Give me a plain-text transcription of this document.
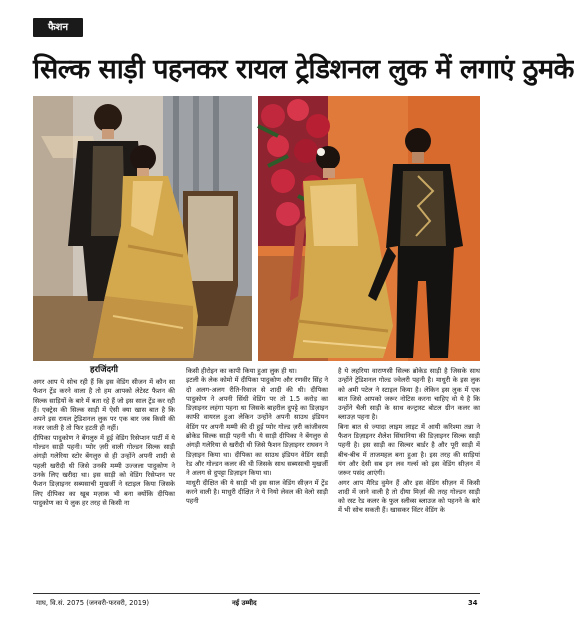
फैशन
सिल्क साड़ी पहनकर रायल ट्रेडिशनल लुक में लगाएं ठुमके
हरजिंदगी

अगर आप ये सोच रही हैं कि इस वेडिंग सीजन में कौन सा फैशन ट्रेंड करने वाला है तो हम आपको लेटेस्ट फैशन की सिल्क साड़ियों के बारे में बता रहे हैं जो इस साल ट्रेंड कर रही हैं। एक्ट्रेस की सिल्क साड़ी में ऐसी क्या खास बात है कि अपने इस रायल ट्रेडिशनल लुक पर एक बार जब किसी की नजर जाती है तो फिर हटती ही नहीं।

दीपिका पादुकोण ने बेंगलुरु में हुई वेडिंग रिसेप्शन पार्टी में ये गोल्डन साड़ी पहनी। प्योर ज़री वाली गोल्डन सिल्क साड़ी अंगड़ी गलेरिया स्टोर बेंगलुरु से ही उन्होंने अपनी शादी से पहली खरीदी थी जिसे उनकी मम्मी उज्जला पादुकोण ने उनके लिए खरीदा था। इस साड़ी को वेडिंग रिसेप्शन पर फैशन डिज़ाइनर सब्यसाची मुखर्जी ने स्टाइल किया जिसके लिए दीपिका का खूब मज़ाक भी बना क्योंकि दीपिका पादुकोण का ये लुक हर तरह से किसी ना

किसी हीरोइन का कापी किया हुआ लुक ही था।

इटली के लेक कोमो में दीपिका पादुकोण और रणवीर सिंह ने दो अलग-अलग रीति-रिवाज से शादी की थी। दीपिका पादुकोण ने अपनी सिंधी वेडिंग पर तो 1.5 करोड़ का डिज़ाइनर लहंगा पहना था जिसके बाहरील दुपट्टे का डिज़ाइन काफी वायरल हुआ लेकिन उन्होंने अपनी साउथ इंडियन वेडिंग पर अपनी मम्मी की दी हुई प्योर गोल्ड ज़री कांजीवरम ब्रोकेड सिल्क साड़ी पहनी थी। ये साड़ी दीपिका ने बेंगलुरु से अंगड़ी गलेरिया से खरीदी थी जिसे फैशन डिज़ाइनर राघवन ने डिज़ाइन किया था। दीपिका का साउथ इंडियन वेडिंग साड़ी रेड और गोल्डन कलर की थी जिसके साथ सब्यसाची मुखर्जी ने अलग से दुपट्टा डिज़ाइन किया था।

माधुरी दीक्षित की ये साड़ी भी इस साल वेडिंग सीज़न में ट्रेंड करने वाली है। माधुरी दीक्षित ने ये नियो लेवल की वेलो साड़ी पहनी

है ये लहरिया वाराणसी सिल्क ब्रोकेड साड़ी है जिसके साथ उन्होंने ट्रेडिशनल गोल्ड ज्वेलरी पहनी है। माधुरी के इस लुक को अमी पटेल ने स्टाइल किया है। लेकिन इस लुक में एक बात जिसे आपको जरूर नोटिस करना चाहिए वो ये है कि उन्होंने चैली साड़ी के साथ कन्ट्रास्ट बोटल ग्रीन कलर का ब्लाउज़ पहना है।

बिना बात से ज्यादा लाइम लाइट में आयी करिश्मा तन्ना ने फैशन डिज़ाइनर शैलेश सिंघानिया की डिज़ाइनर सिल्क साड़ी पहनी है। इस साड़ी का सिल्वर बार्डर है और पूरी साड़ी में बीच-बीच में ताजमहल बना हुआ है। इस तरह की साड़ियां यंग और देसी सब इन लव गर्ल्स को इस वेडिंग सीज़न में जरूर पसंद आएंगी।

अगर आप मैरिड वुमेन हैं और इस वेडिंग सीज़न में किसी शादी में जाने वाली है तो दीया मिर्ज़ा की तरह गोल्डन साड़ी को रस्ट रेड कलर के फुल स्लीव्स ब्लाउज को पहनने के बारे में भी सोच सकती हैं। खासकर विंटर वेडिंग के

माघ, वि.सं. 2075 (जनवरी-फरवरी, 2019)	नई उम्मीद	34
